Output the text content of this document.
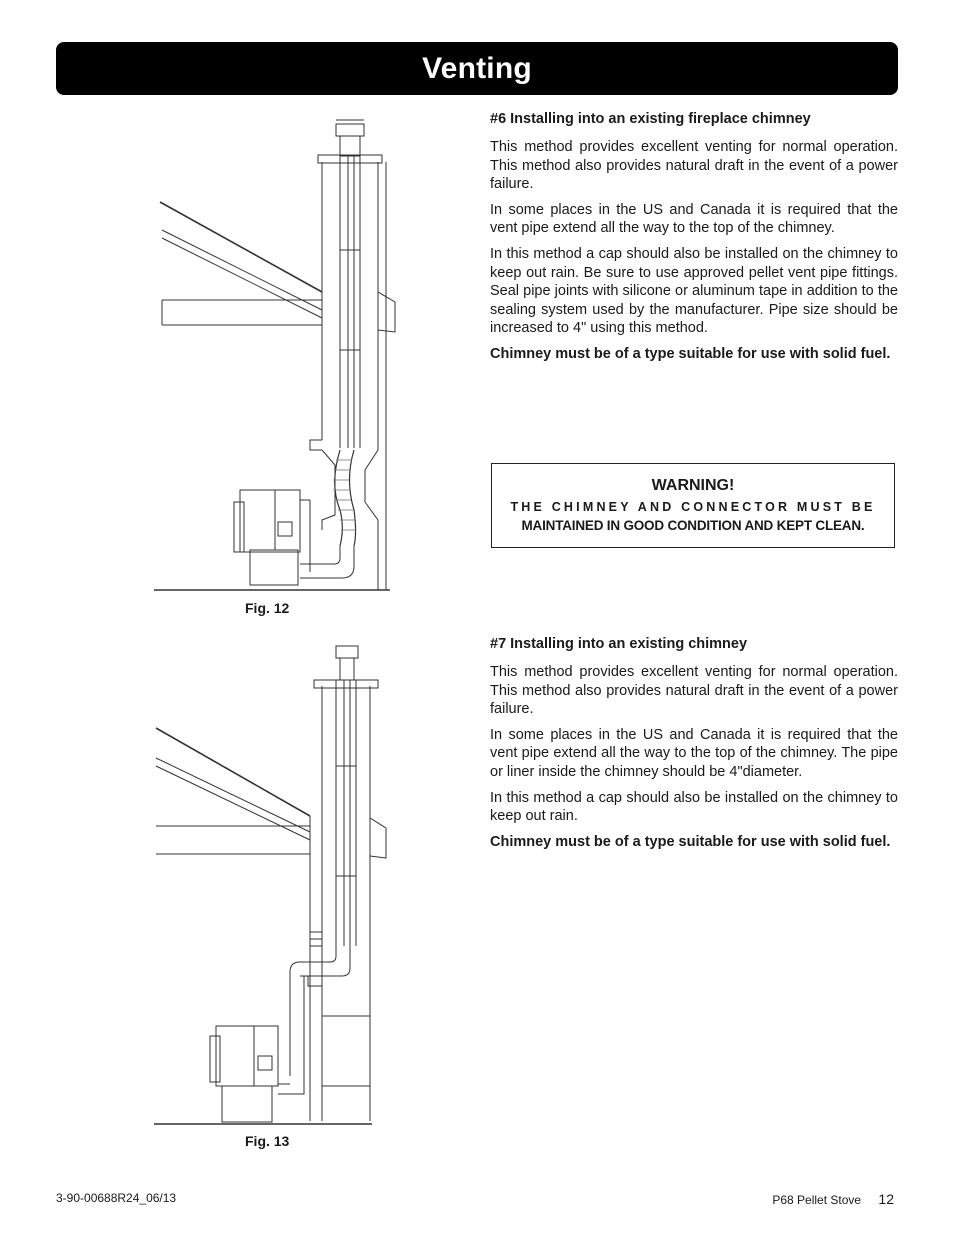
Venting
#6 Installing into an existing fireplace chimney

This method provides excellent venting for normal operation. This method also provides natural draft in the event of a power failure.

In some places in the US and Canada it is required that the vent pipe extend all the way to the top of the chimney.

In this method a cap should also be installed on the chimney to keep out rain. Be sure to use approved pellet vent pipe fittings. Seal pipe joints with silicone or aluminum tape in addition to the sealing system used by the manufacturer. Pipe size should be increased to 4" using this method.

Chimney must be of a type suitable for use with solid fuel.

WARNING!
THE CHIMNEY AND CONNECTOR MUST BE
MAINTAINED IN GOOD CONDITION AND KEPT CLEAN.
#7 Installing into an existing chimney

This method provides excellent venting for normal operation. This method also provides natural draft in the event of a power failure.

In some places in the US and Canada it is required that the vent pipe extend all the way to the top of the chimney. The pipe or liner inside the chimney should be 4"diameter.

In this method a cap should also be installed on the chimney to keep out rain.

Chimney must be of a type suitable for use with solid fuel.

Fig. 12
Fig. 13
3-90-00688R24_06/13	P68 Pellet Stove 12
